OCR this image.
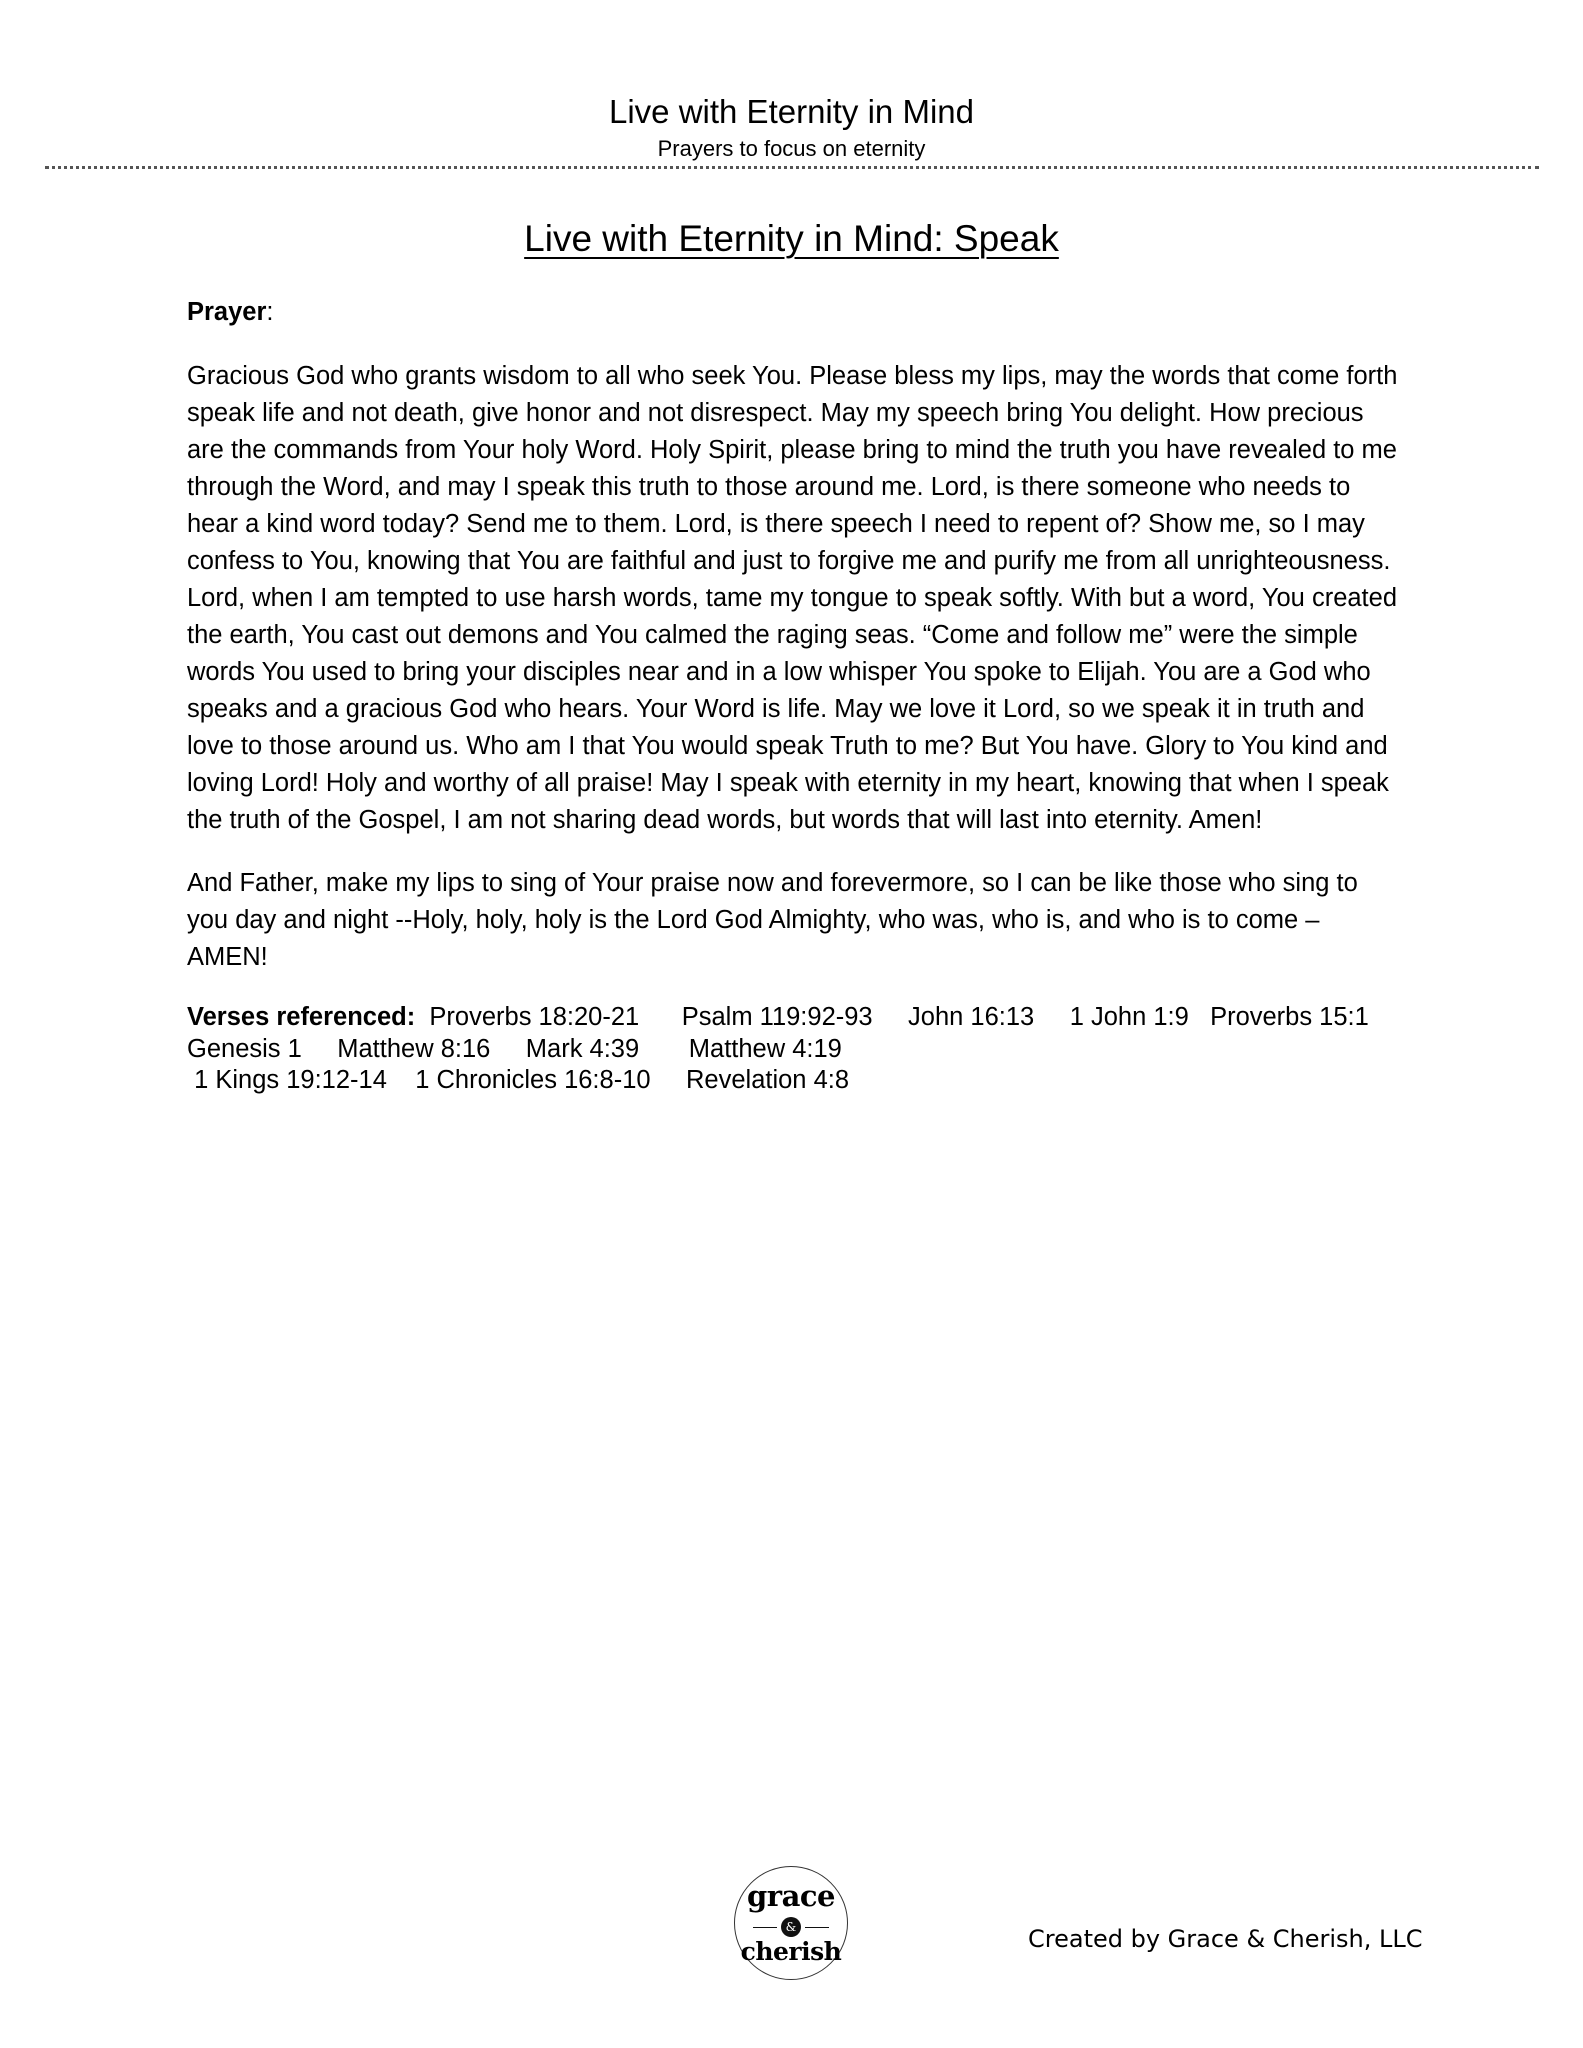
Live with Eternity in Mind
Prayers to focus on eternity
Live with Eternity in Mind: Speak
Prayer:

Gracious God who grants wisdom to all who seek You. Please bless my lips, may the words that come forth speak life and not death, give honor and not disrespect. May my speech bring You delight. How precious are the commands from Your holy Word. Holy Spirit, please bring to mind the truth you have revealed to me through the Word, and may I speak this truth to those around me. Lord, is there someone who needs to hear a kind word today? Send me to them. Lord, is there speech I need to repent of? Show me, so I may confess to You, knowing that You are faithful and just to forgive me and purify me from all unrighteousness. Lord, when I am tempted to use harsh words, tame my tongue to speak softly. With but a word, You created the earth, You cast out demons and You calmed the raging seas. “Come and follow me” were the simple words You used to bring your disciples near and in a low whisper You spoke to Elijah. You are a God who speaks and a gracious God who hears. Your Word is life. May we love it Lord, so we speak it in truth and love to those around us. Who am I that You would speak Truth to me? But You have. Glory to You kind and loving Lord! Holy and worthy of all praise! May I speak with eternity in my heart, knowing that when I speak the truth of the Gospel, I am not sharing dead words, but words that will last into eternity. Amen!

And Father, make my lips to sing of Your praise now and forevermore, so I can be like those who sing to you day and night --Holy, holy, holy is the Lord God Almighty, who was, who is, and who is to come – AMEN!

Verses referenced: Proverbs 18:20-21 Psalm 119:92-93 John 16:13 1 John 1:9 Proverbs 15:1
Genesis 1 Matthew 8:16 Mark 4:39 Matthew 4:19
1 Kings 19:12-14 1 Chronicles 16:8-10 Revelation 4:8
grace
&
cherish	Created by Grace & Cherish, LLC
